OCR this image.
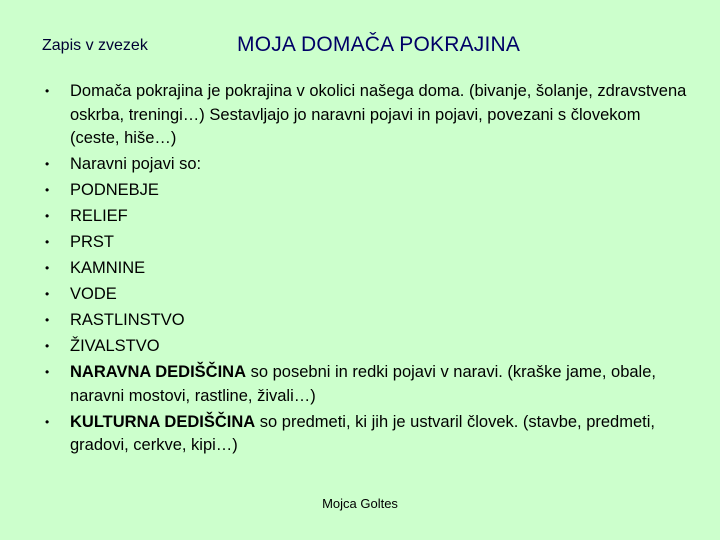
Zapis v zvezek	MOJA DOMAČA POKRAJINA
• Domača pokrajina je pokrajina v okolici našega doma. (bivanje, šolanje, zdravstvena oskrba, treningi…) Sestavljajo jo naravni pojavi in pojavi, povezani s človekom (ceste, hiše…)
• Naravni pojavi so:
• PODNEBJE
• RELIEF
• PRST
• KAMNINE
• VODE
• RASTLINSTVO
• ŽIVALSTVO
• NARAVNA DEDIŠČINA so posebni in redki pojavi v naravi. (kraške jame, obale, naravni mostovi, rastline, živali…)
• KULTURNA DEDIŠČINA so predmeti, ki jih je ustvaril človek. (stavbe, predmeti, gradovi, cerkve, kipi…)
Mojca Goltes
